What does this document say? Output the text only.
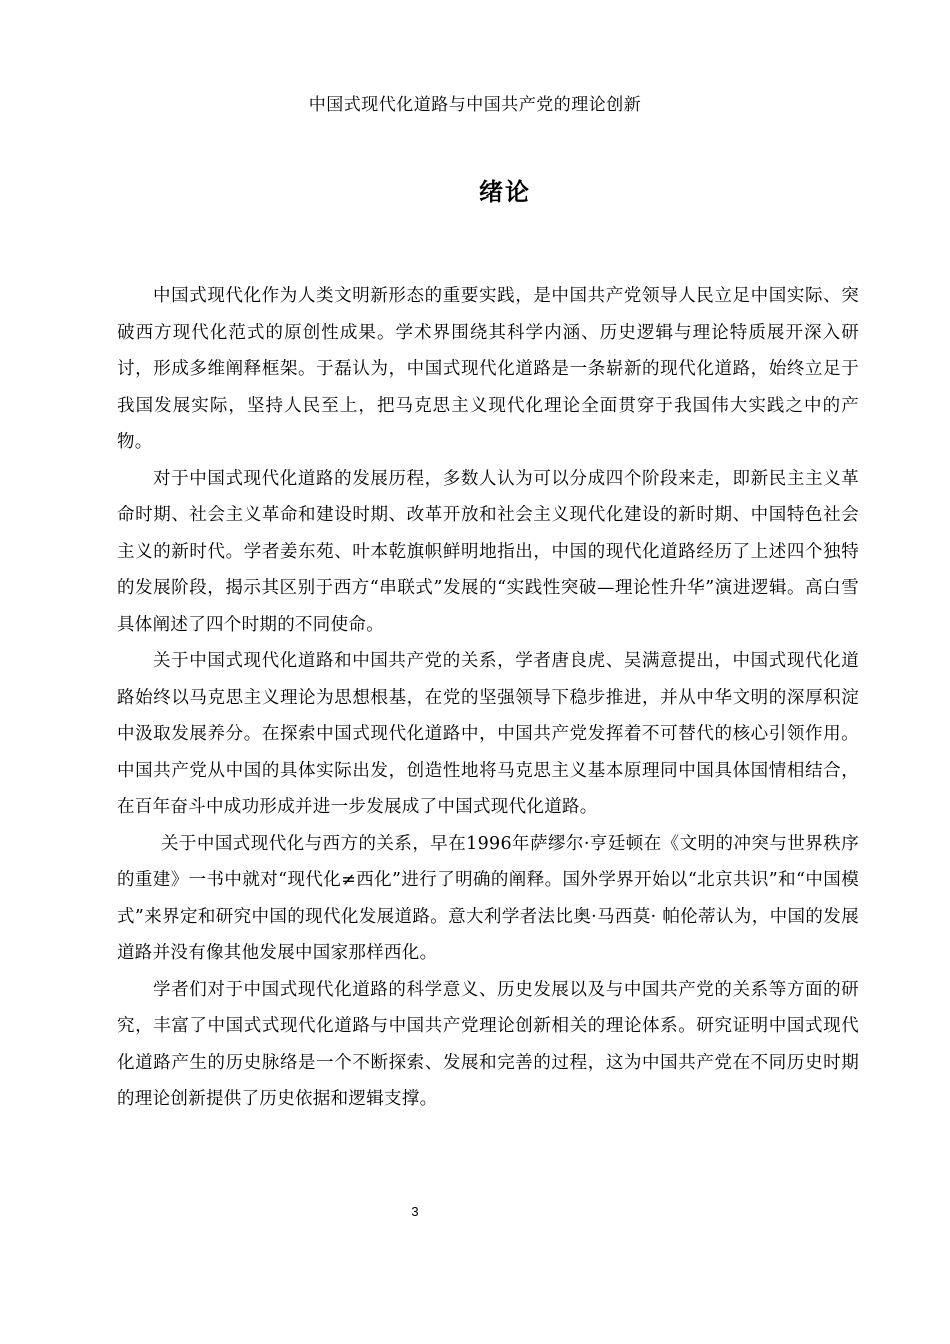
中国式现代化道路与中国共产党的理论创新
绪论

中国式现代化作为人类文明新形态的重要实践，是中国共产党领导人民立足中国实际、突破西方现代化范式的原创性成果。学术界围绕其科学内涵、历史逻辑与理论特质展开深入研讨，形成多维阐释框架。于磊认为，中国式现代化道路是一条崭新的现代化道路，始终立足于我国发展实际，坚持人民至上，把马克思主义现代化理论全面贯穿于我国伟大实践之中的产物。

对于中国式现代化道路的发展历程，多数人认为可以分成四个阶段来走，即新民主主义革命时期、社会主义革命和建设时期、改革开放和社会主义现代化建设的新时期、中国特色社会主义的新时代。学者姜东苑、叶本乾旗帜鲜明地指出，中国的现代化道路经历了上述四个独特的发展阶段，揭示其区别于西方“串联式”发展的“实践性突破—理论性升华”演进逻辑。高白雪具体阐述了四个时期的不同使命。

关于中国式现代化道路和中国共产党的关系，学者唐良虎、吴满意提出，中国式现代化道路始终以马克思主义理论为思想根基，在党的坚强领导下稳步推进，并从中华文明的深厚积淀中汲取发展养分。在探索中国式现代化道路中，中国共产党发挥着不可替代的核心引领作用。中国共产党从中国的具体实际出发，创造性地将马克思主义基本原理同中国具体国情相结合，在百年奋斗中成功形成并进一步发展成了中国式现代化道路。

关于中国式现代化与西方的关系，早在1996年萨缪尔·亨廷顿在《文明的冲突与世界秩序的重建》一书中就对“现代化≠西化”进行了明确的阐释。国外学界开始以“北京共识”和“中国模式”来界定和研究中国的现代化发展道路。意大利学者法比奥·马西莫· 帕伦蒂认为，中国的发展道路并没有像其他发展中国家那样西化。

学者们对于中国式现代化道路的科学意义、历史发展以及与中国共产党的关系等方面的研究，丰富了中国式式现代化道路与中国共产党理论创新相关的理论体系。研究证明中国式现代化道路产生的历史脉络是一个不断探索、发展和完善的过程，这为中国共产党在不同历史时期的理论创新提供了历史依据和逻辑支撑。

3
